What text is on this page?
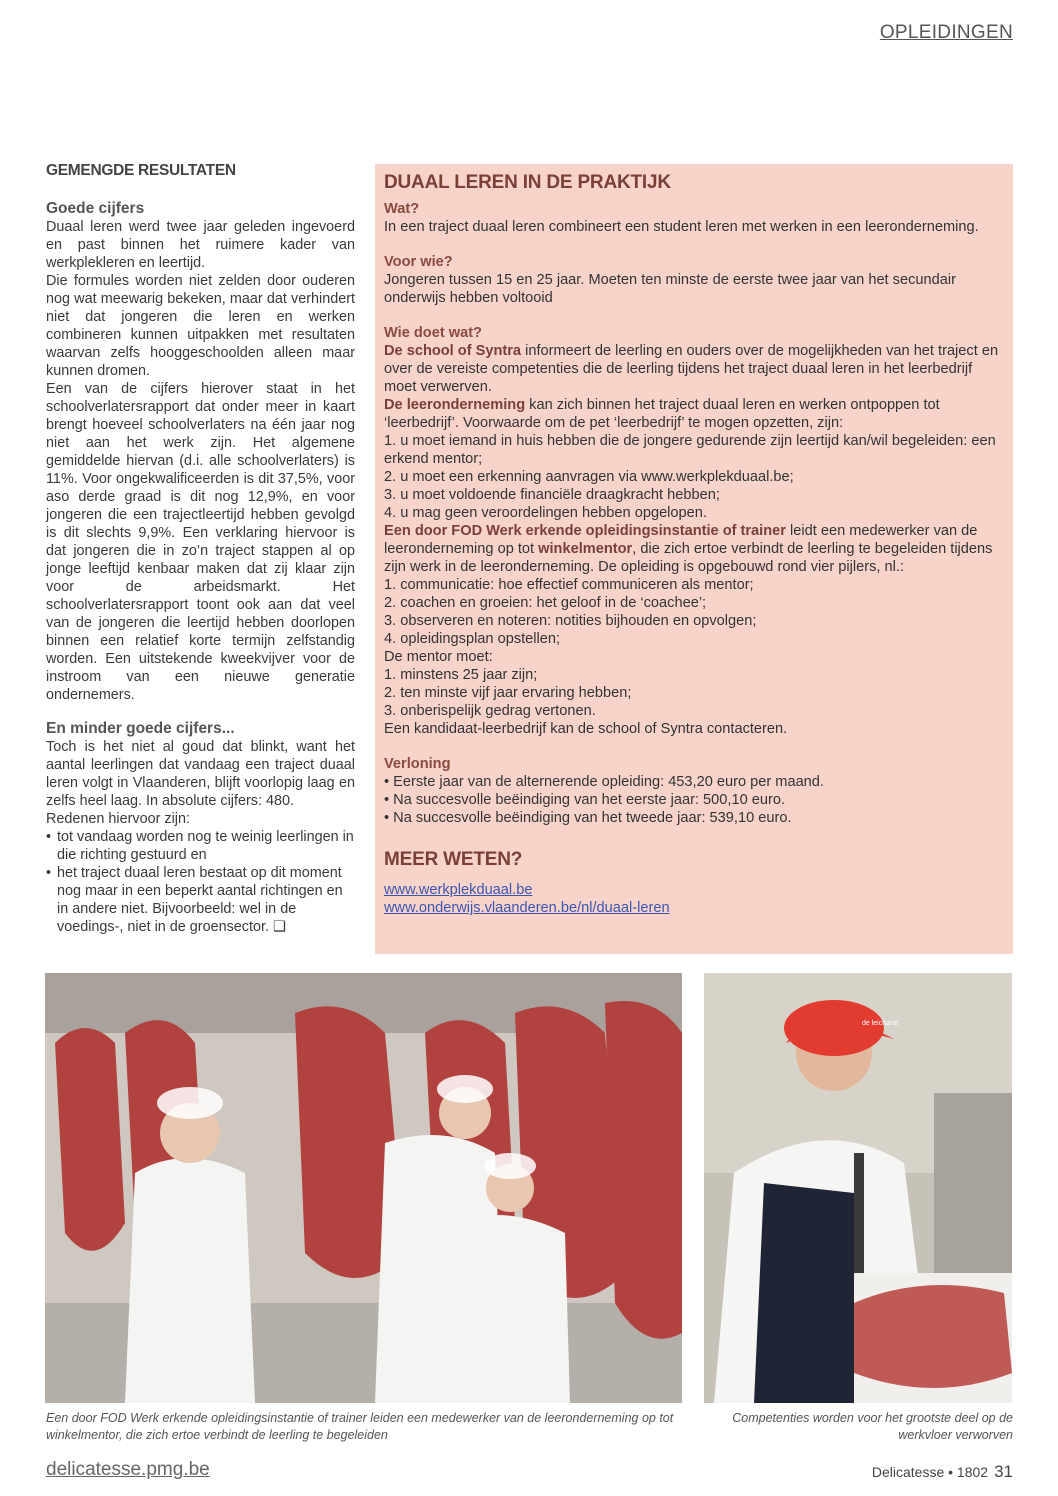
OPLEIDINGEN
GEMENGDE RESULTATEN
Goede cijfers

Duaal leren werd twee jaar geleden ingevoerd en past binnen het ruimere kader van werkplekleren en leertijd.

Die formules worden niet zelden door ouderen nog wat meewarig bekeken, maar dat verhindert niet dat jongeren die leren en werken combineren kunnen uitpakken met resultaten waarvan zelfs hooggeschoolden alleen maar kunnen dromen.

Een van de cijfers hierover staat in het schoolverlatersrapport dat onder meer in kaart brengt hoeveel schoolverlaters na één jaar nog niet aan het werk zijn. Het algemene gemiddelde hiervan (d.i. alle schoolverlaters) is 11%. Voor ongekwalificeerden is dit 37,5%, voor aso derde graad is dit nog 12,9%, en voor jongeren die een trajectleertijd hebben gevolgd is dit slechts 9,9%. Een verklaring hiervoor is dat jongeren die in zo’n traject stappen al op jonge leeftijd kenbaar maken dat zij klaar zijn voor de arbeidsmarkt. Het schoolverlatersrapport toont ook aan dat veel van de jongeren die leertijd hebben doorlopen binnen een relatief korte termijn zelfstandig worden. Een uitstekende kweekvijver voor de instroom van een nieuwe generatie ondernemers.

En minder goede cijfers...

Toch is het niet al goud dat blinkt, want het aantal leerlingen dat vandaag een traject duaal leren volgt in Vlaanderen, blijft voorlopig laag en zelfs heel laag. In absolute cijfers: 480.

Redenen hiervoor zijn:

• tot vandaag worden nog te weinig leerlingen in die richting gestuurd en
• het traject duaal leren bestaat op dit moment nog maar in een beperkt aantal richtingen en in andere niet. Bijvoorbeeld: wel in de voedings-, niet in de groensector. ❑
DUAAL LEREN IN DE PRAKTIJK
Wat?

In een traject duaal leren combineert een student leren met werken in een leeronderneming.

Voor wie?

Jongeren tussen 15 en 25 jaar. Moeten ten minste de eerste twee jaar van het secundair onderwijs hebben voltooid

Wie doet wat?

De school of Syntra informeert de leerling en ouders over de mogelijkheden van het traject en over de vereiste competenties die de leerling tijdens het traject duaal leren in het leerbedrijf moet verwerven.

De leeronderneming kan zich binnen het traject duaal leren en werken ontpoppen tot ‘leerbedrijf’. Voorwaarde om de pet ‘leerbedrijf’ te mogen opzetten, zijn:

1. u moet iemand in huis hebben die de jongere gedurende zijn leertijd kan/wil begeleiden: een erkend mentor;

2. u moet een erkenning aanvragen via www.werkplekduaal.be;

3. u moet voldoende financiële draagkracht hebben;

4. u mag geen veroordelingen hebben opgelopen.

Een door FOD Werk erkende opleidingsinstantie of trainer leidt een medewerker van de leeronderneming op tot winkelmentor, die zich ertoe verbindt de leerling te begeleiden tijdens zijn werk in de leeronderneming. De opleiding is opgebouwd rond vier pijlers, nl.:

1. communicatie: hoe effectief communiceren als mentor;

2. coachen en groeien: het geloof in de ‘coachee’;

3. observeren en noteren: notities bijhouden en opvolgen;

4. opleidingsplan opstellen;

De mentor moet:

1. minstens 25 jaar zijn;

2. ten minste vijf jaar ervaring hebben;

3. onberispelijk gedrag vertonen.

Een kandidaat-leerbedrijf kan de school of Syntra contacteren.

Verloning

• Eerste jaar van de alternerende opleiding: 453,20 euro per maand.

• Na succesvolle beëindiging van het eerste jaar: 500,10 euro.

• Na succesvolle beëindiging van het tweede jaar: 539,10 euro.

MEER WETEN?
www.werkplekduaal.be
www.onderwijs.vlaanderen.be/nl/duaal-leren
de leicharot
Een door FOD Werk erkende opleidingsinstantie of trainer leiden een medewerker van de leeronderneming op tot winkelmentor, die zich ertoe verbindt de leerling te begeleiden
Competenties worden voor het grootste deel op de werkvloer verworven
delicatesse.pmg.be	Delicatesse • 1802 31
